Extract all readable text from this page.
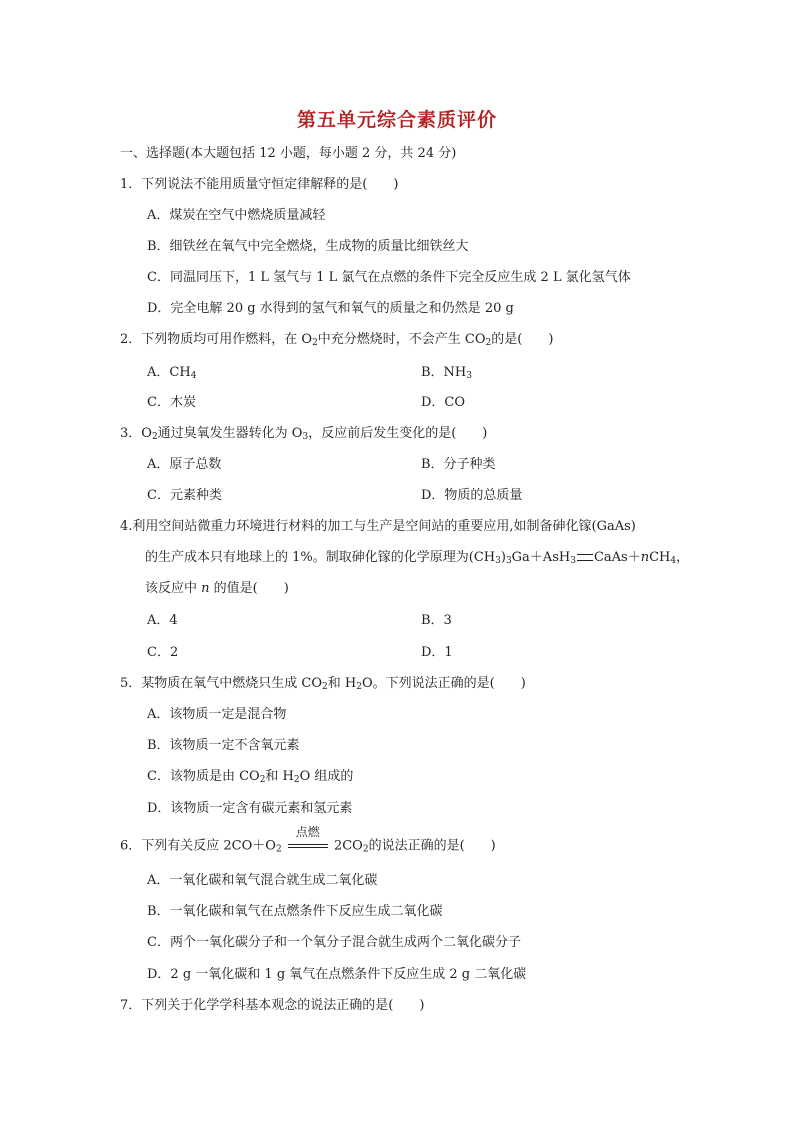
第五单元综合素质评价
一、选择题(本大题包括 12 小题，每小题 2 分，共 24 分)
1．下列说法不能用质量守恒定律解释的是(　　)
A．煤炭在空气中燃烧质量减轻
B．细铁丝在氧气中完全燃烧，生成物的质量比细铁丝大
C．同温同压下，1 L 氢气与 1 L 氯气在点燃的条件下完全反应生成 2 L 氯化氢气体
D．完全电解 20 g 水得到的氢气和氧气的质量之和仍然是 20 g
2．下列物质均可用作燃料，在 $O_2$中充分燃烧时，不会产生 $CO_2$的是(　　)
A．$CH_4$	B．$NH_3$
C．木炭	D．CO
3．$O_2$通过臭氧发生器转化为 $O_3$，反应前后发生变化的是(　　)
A．原子总数	B．分子种类
C．元素种类	D．物质的总质量
4.利用空间站微重力环境进行材料的加工与生产是空间站的重要应用,如制备砷化镓(GaAs)
的生产成本只有地球上的 1%。制取砷化镓的化学原理为$(CH_3)_3Ga+AsH_3$ CaAs＋nCH$_4$，
该反应中 n 的值是(　　)
A．4	B．3
C．2	D．1
5．某物质在氧气中燃烧只生成 $CO_2$和 $H_2O$。下列说法正确的是(　　)
A．该物质一定是混合物
B．该物质一定不含氧元素
C．该物质是由 $CO_2$和 $H_2O$ 组成的
D．该物质一定含有碳元素和氢元素
6．下列有关反应 $2CO+O_2$
点燃
$2CO_2$的说法正确的是(　　)
A．一氧化碳和氧气混合就生成二氧化碳
B．一氧化碳和氧气在点燃条件下反应生成二氧化碳
C．两个一氧化碳分子和一个氧分子混合就生成两个二氧化碳分子
D．2 g 一氧化碳和 1 g 氧气在点燃条件下反应生成 2 g 二氧化碳
7．下列关于化学学科基本观念的说法正确的是(　　)
